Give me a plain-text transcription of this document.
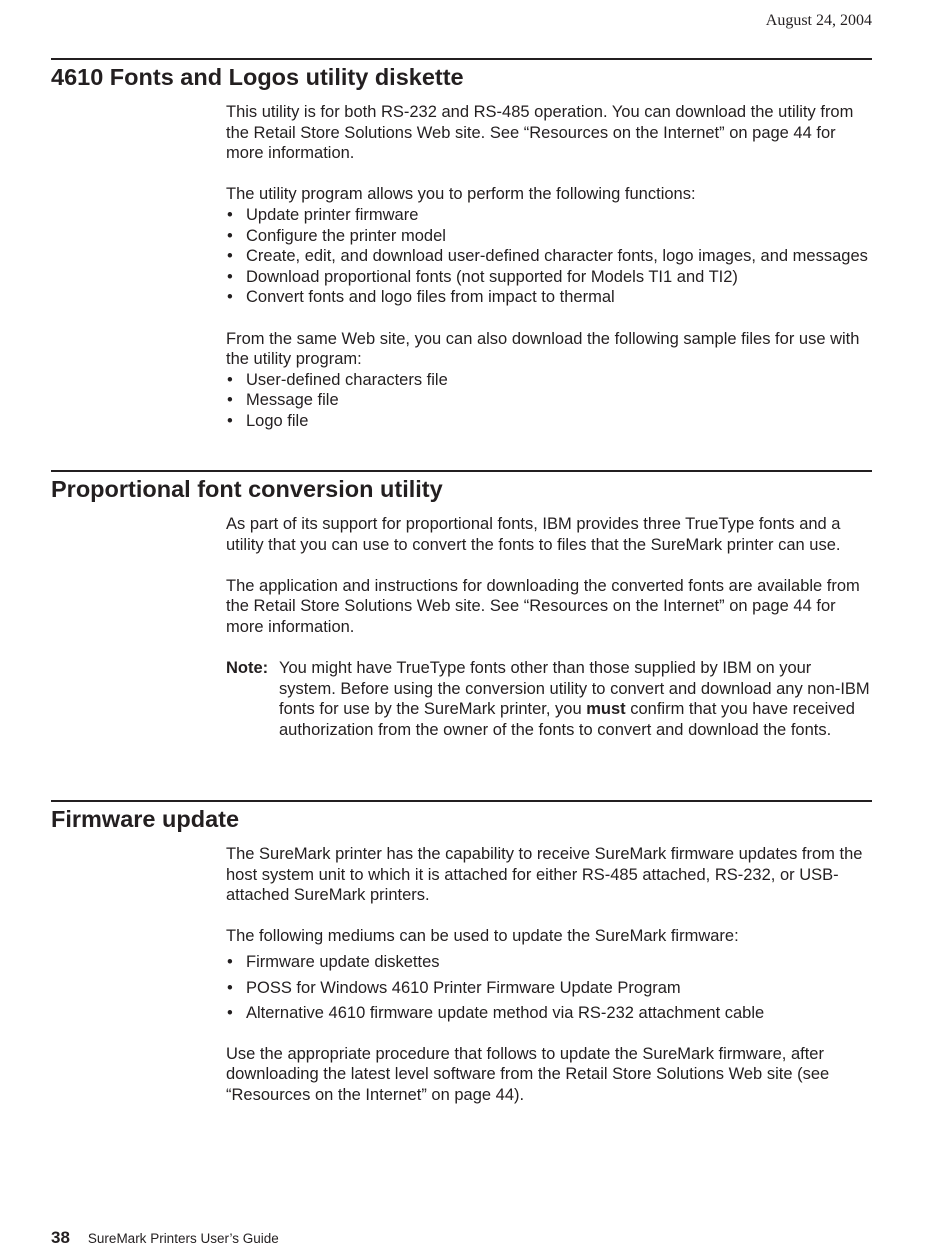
August 24, 2004
4610 Fonts and Logos utility diskette

This utility is for both RS-232 and RS-485 operation. You can download the utility from the Retail Store Solutions Web site. See “Resources on the Internet” on page 44 for more information.

The utility program allows you to perform the following functions:

• Update printer firmware
• Configure the printer model
• Create, edit, and download user-defined character fonts, logo images, and messages
• Download proportional fonts (not supported for Models TI1 and TI2)
• Convert fonts and logo files from impact to thermal

From the same Web site, you can also download the following sample files for use with the utility program:

• User-defined characters file
• Message file
• Logo file
Proportional font conversion utility

As part of its support for proportional fonts, IBM provides three TrueType fonts and a utility that you can use to convert the fonts to files that the SureMark printer can use.

The application and instructions for downloading the converted fonts are available from the Retail Store Solutions Web site. See “Resources on the Internet” on page 44 for more information.

Note: You might have TrueType fonts other than those supplied by IBM on your system. Before using the conversion utility to convert and download any non-IBM fonts for use by the SureMark printer, you must confirm that you have received authorization from the owner of the fonts to convert and download the fonts.
Firmware update

The SureMark printer has the capability to receive SureMark firmware updates from the host system unit to which it is attached for either RS-485 attached, RS-232, or USB-attached SureMark printers.

The following mediums can be used to update the SureMark firmware:

• Firmware update diskettes
• POSS for Windows 4610 Printer Firmware Update Program
• Alternative 4610 firmware update method via RS-232 attachment cable

Use the appropriate procedure that follows to update the SureMark firmware, after downloading the latest level software from the Retail Store Solutions Web site (see “Resources on the Internet” on page 44).

38 SureMark Printers User’s Guide
